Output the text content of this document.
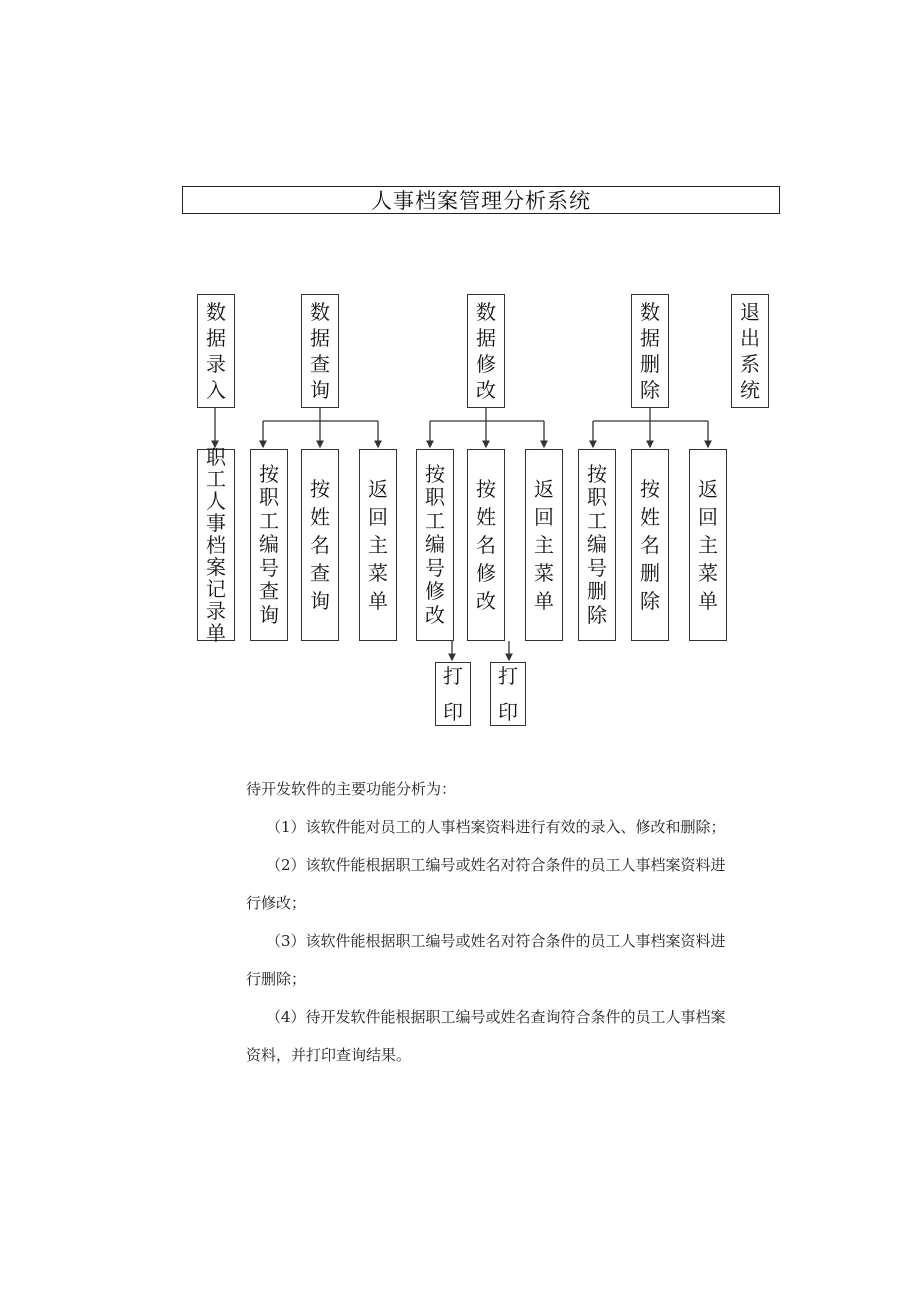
人事档案管理分析系统
数
据
录
入
数
据
查
询
数
据
修
改
数
据
删
除
退
出
系
统
职
工
人
事
档
案
记
录
单
按
职
工
编
号
查
询
按
姓
名
查
询
返
回
主
菜
单
按
职
工
编
号
修
改
按
姓
名
修
改
返
回
主
菜
单
按
职
工
编
号
删
除
按
姓
名
删
除
返
回
主
菜
单
打
印
打
印

待开发软件的主要功能分析为：

（1）该软件能对员工的人事档案资料进行有效的录入、修改和删除；

（2）该软件能根据职工编号或姓名对符合条件的员工人事档案资料进

行修改；

（3）该软件能根据职工编号或姓名对符合条件的员工人事档案资料进

行删除；

（4）待开发软件能根据职工编号或姓名查询符合条件的员工人事档案

资料，并打印查询结果。
